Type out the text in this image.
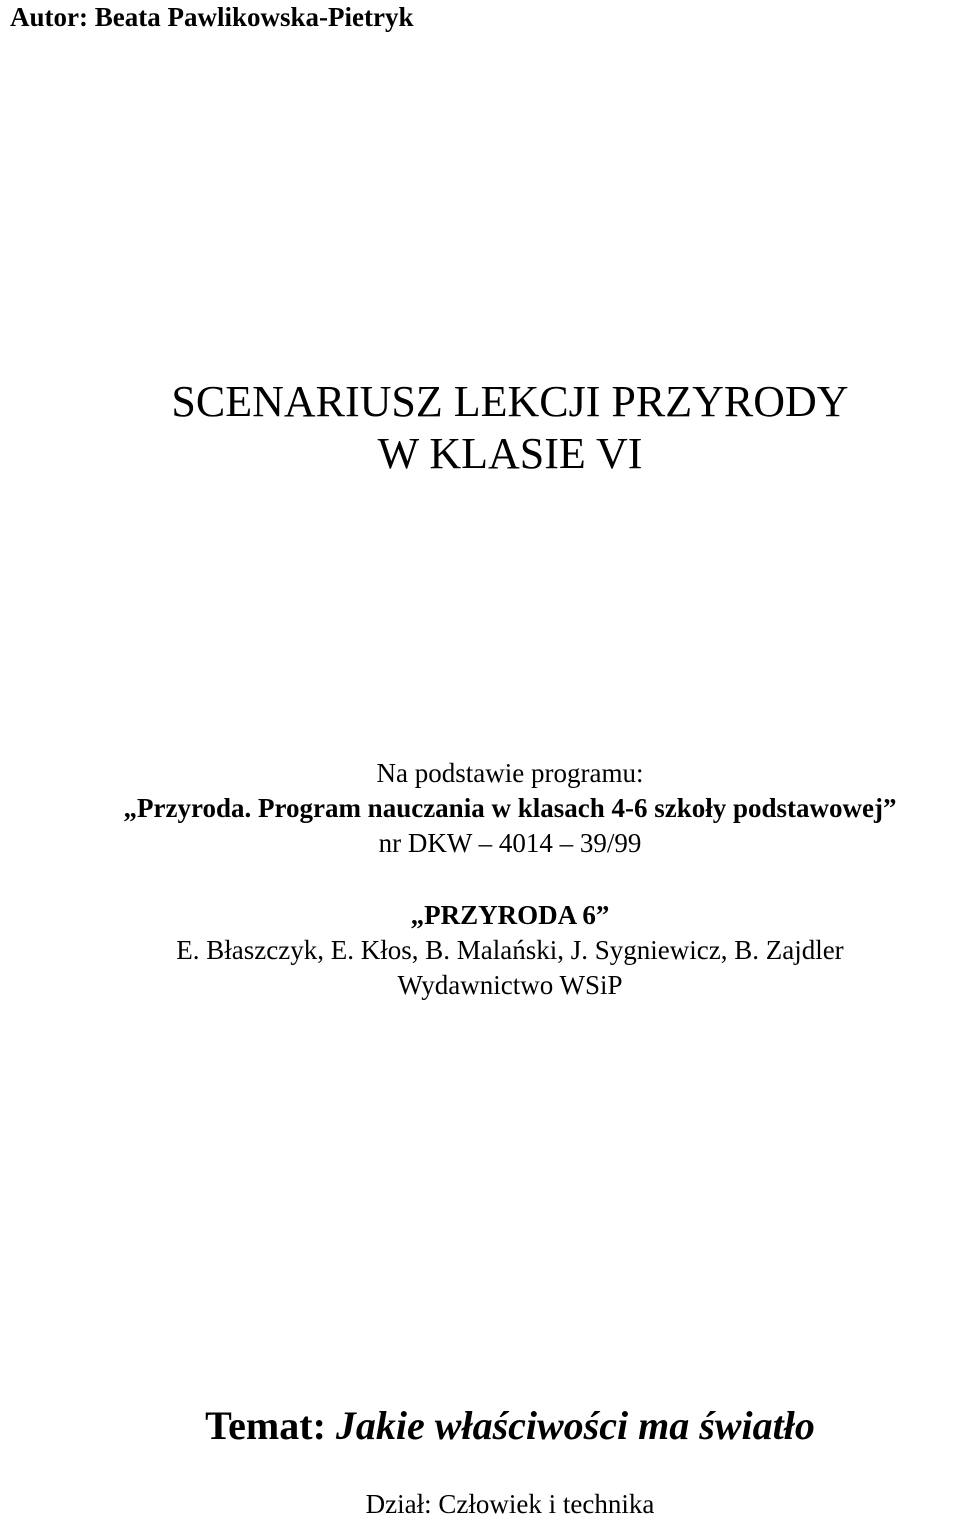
Autor: Beata Pawlikowska-Pietryk
SCENARIUSZ LEKCJI PRZYRODY
W KLASIE VI
Na podstawie programu:
„Przyroda. Program nauczania w klasach 4-6 szkoły podstawowej”
nr DKW – 4014 – 39/99
„PRZYRODA 6”
E. Błaszczyk, E. Kłos, B. Malański, J. Sygniewicz, B. Zajdler
Wydawnictwo WSiP
Temat: Jakie właściwości ma światło
Dział: Człowiek i technika
